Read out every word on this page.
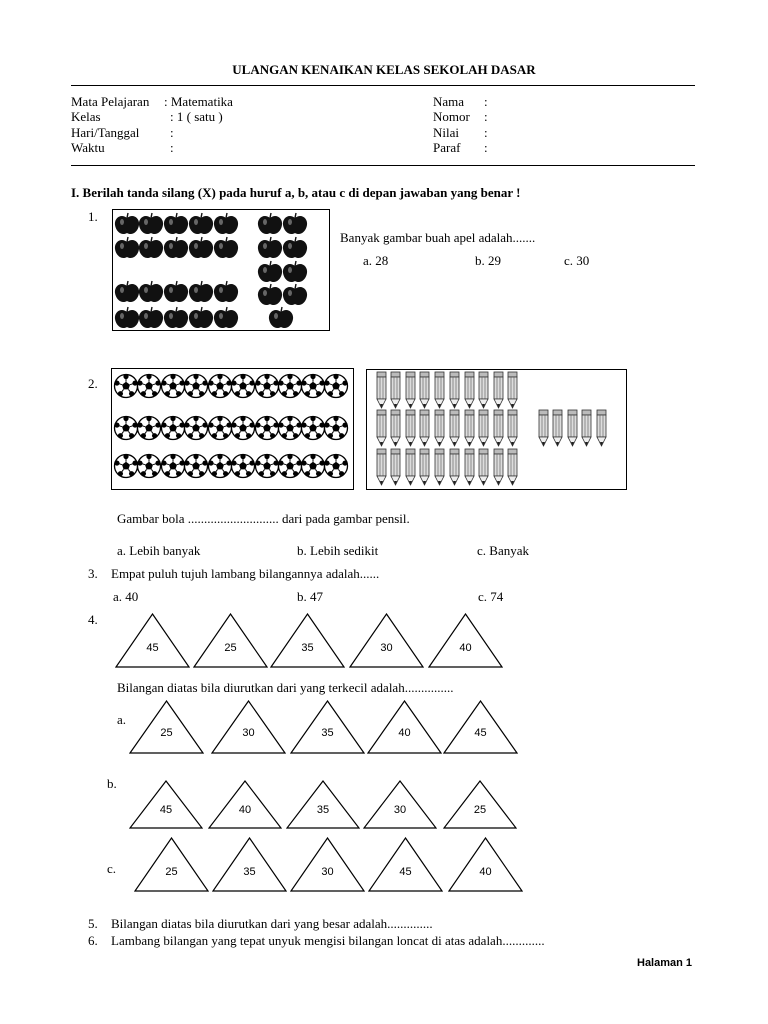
ULANGAN KENAIKAN KELAS SEKOLAH DASAR
Mata Pelajaran : Matematika
Kelas	: 1 ( satu )
Hari/Tanggal :
Waktu	:
Nama :
Nomor :
Nilai :
Paraf :
I. Berilah tanda silang (X) pada huruf a, b, atau c di depan jawaban yang benar !
1.
Banyak gambar buah apel adalah.......
a. 28	b. 29	c. 30
2.
Gambar bola ............................ dari pada gambar pensil.
a. Lebih banyak	b. Lebih sedikit	c. Banyak
3. Empat puluh tujuh lambang bilangannya adalah......
a. 40	b. 47	c. 74
4.
45	25	35	30	40
Bilangan diatas bila diurutkan dari yang terkecil adalah...............
a.
25	30	35	40	45
b.
45	40	35	30	25
c.	25	35	30	45	40
5. Bilangan diatas bila diurutkan dari yang besar adalah..............
6. Lambang bilangan yang tepat unyuk mengisi bilangan loncat di atas adalah.............
Halaman 1
